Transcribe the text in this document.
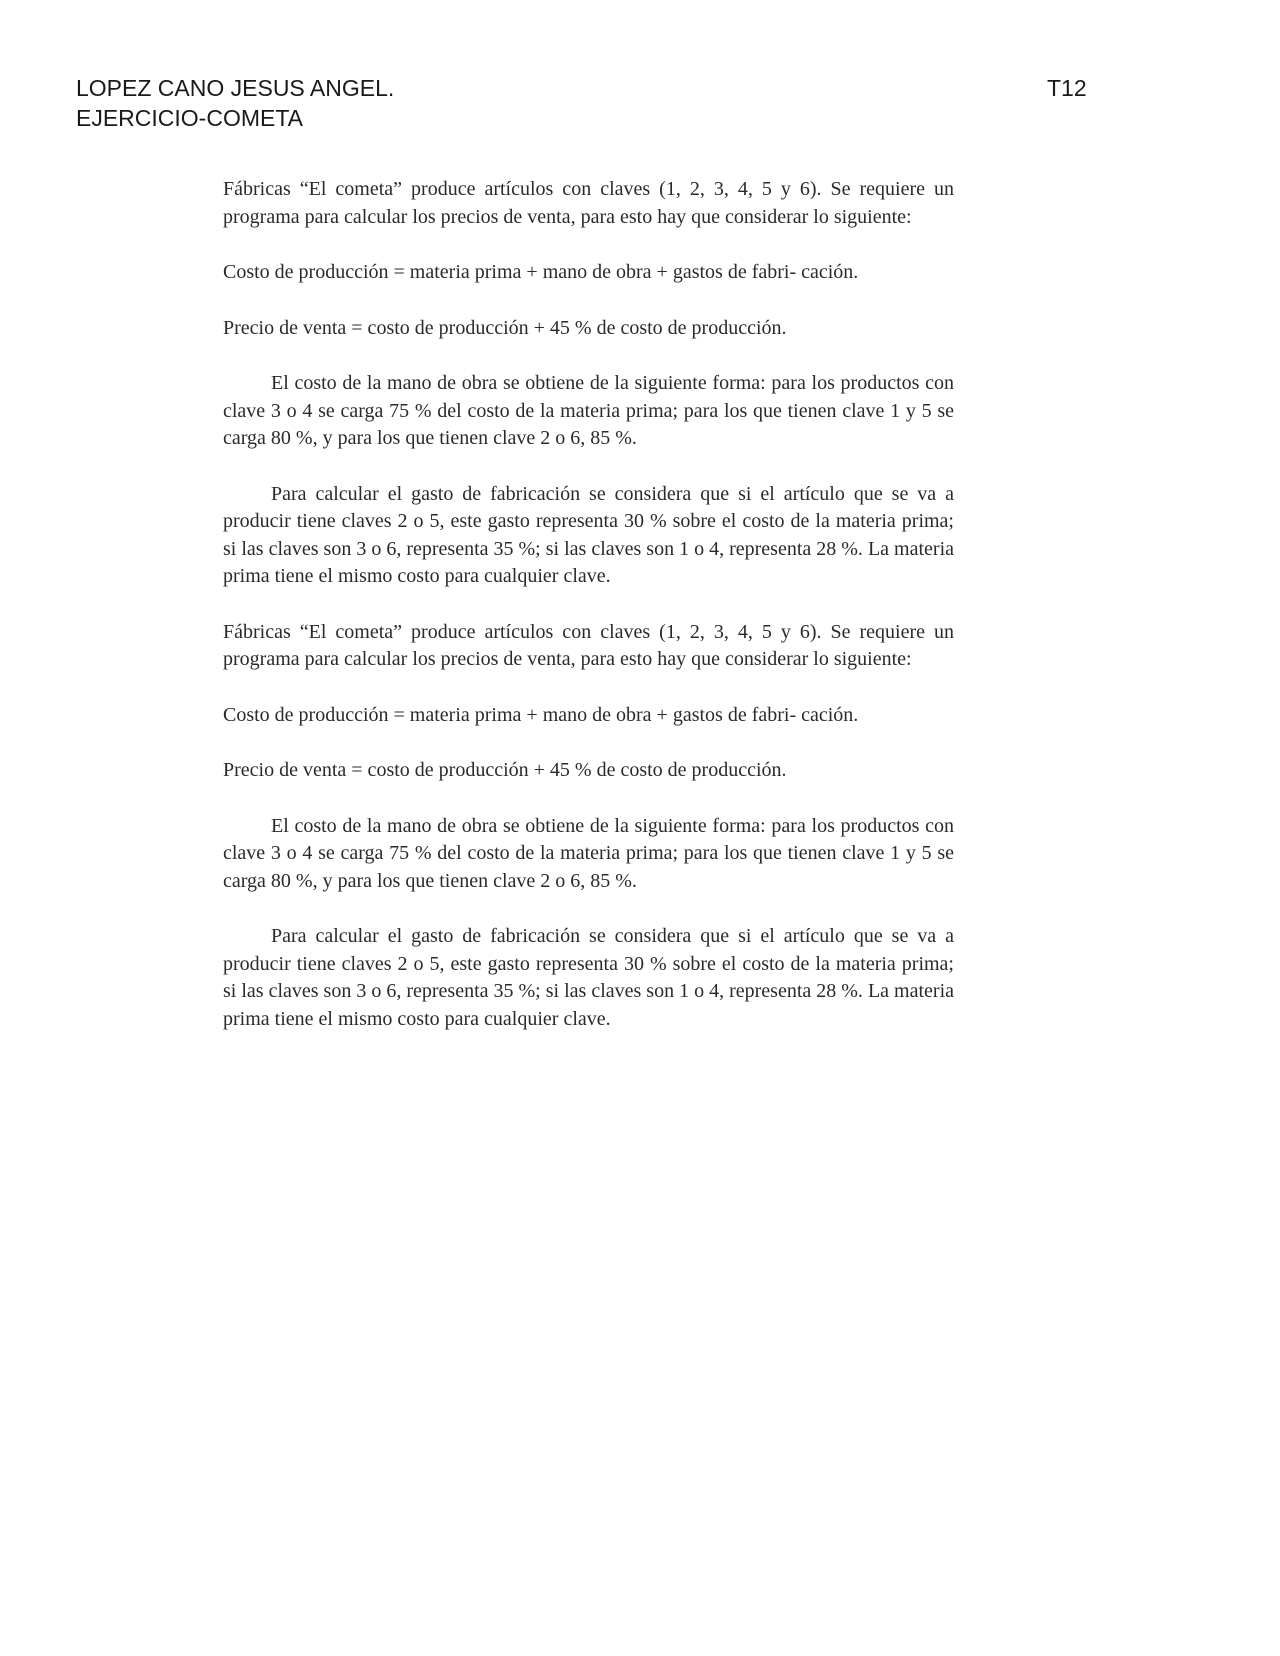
LOPEZ CANO JESUS ANGEL.
EJERCICIO-COMETA
T12

Fábricas “El cometa” produce artículos con claves (1, 2, 3, 4, 5 y 6). Se requiere un programa para calcular los precios de venta, para esto hay que considerar lo siguiente:

Costo de producción = materia prima + mano de obra + gastos de fabri- cación.

Precio de venta = costo de producción + 45 % de costo de producción.

El costo de la mano de obra se obtiene de la siguiente forma: para los productos con clave 3 o 4 se carga 75 % del costo de la materia prima; para los que tienen clave 1 y 5 se carga 80 %, y para los que tienen clave 2 o 6, 85 %.

Para calcular el gasto de fabricación se considera que si el artículo que se va a producir tiene claves 2 o 5, este gasto representa 30 % sobre el costo de la materia prima; si las claves son 3 o 6, representa 35 %; si las claves son 1 o 4, representa 28 %. La materia prima tiene el mismo costo para cualquier clave.

Fábricas “El cometa” produce artículos con claves (1, 2, 3, 4, 5 y 6). Se requiere un programa para calcular los precios de venta, para esto hay que considerar lo siguiente:

Costo de producción = materia prima + mano de obra + gastos de fabri- cación.

Precio de venta = costo de producción + 45 % de costo de producción.

El costo de la mano de obra se obtiene de la siguiente forma: para los productos con clave 3 o 4 se carga 75 % del costo de la materia prima; para los que tienen clave 1 y 5 se carga 80 %, y para los que tienen clave 2 o 6, 85 %.

Para calcular el gasto de fabricación se considera que si el artículo que se va a producir tiene claves 2 o 5, este gasto representa 30 % sobre el costo de la materia prima; si las claves son 3 o 6, representa 35 %; si las claves son 1 o 4, representa 28 %. La materia prima tiene el mismo costo para cualquier clave.
